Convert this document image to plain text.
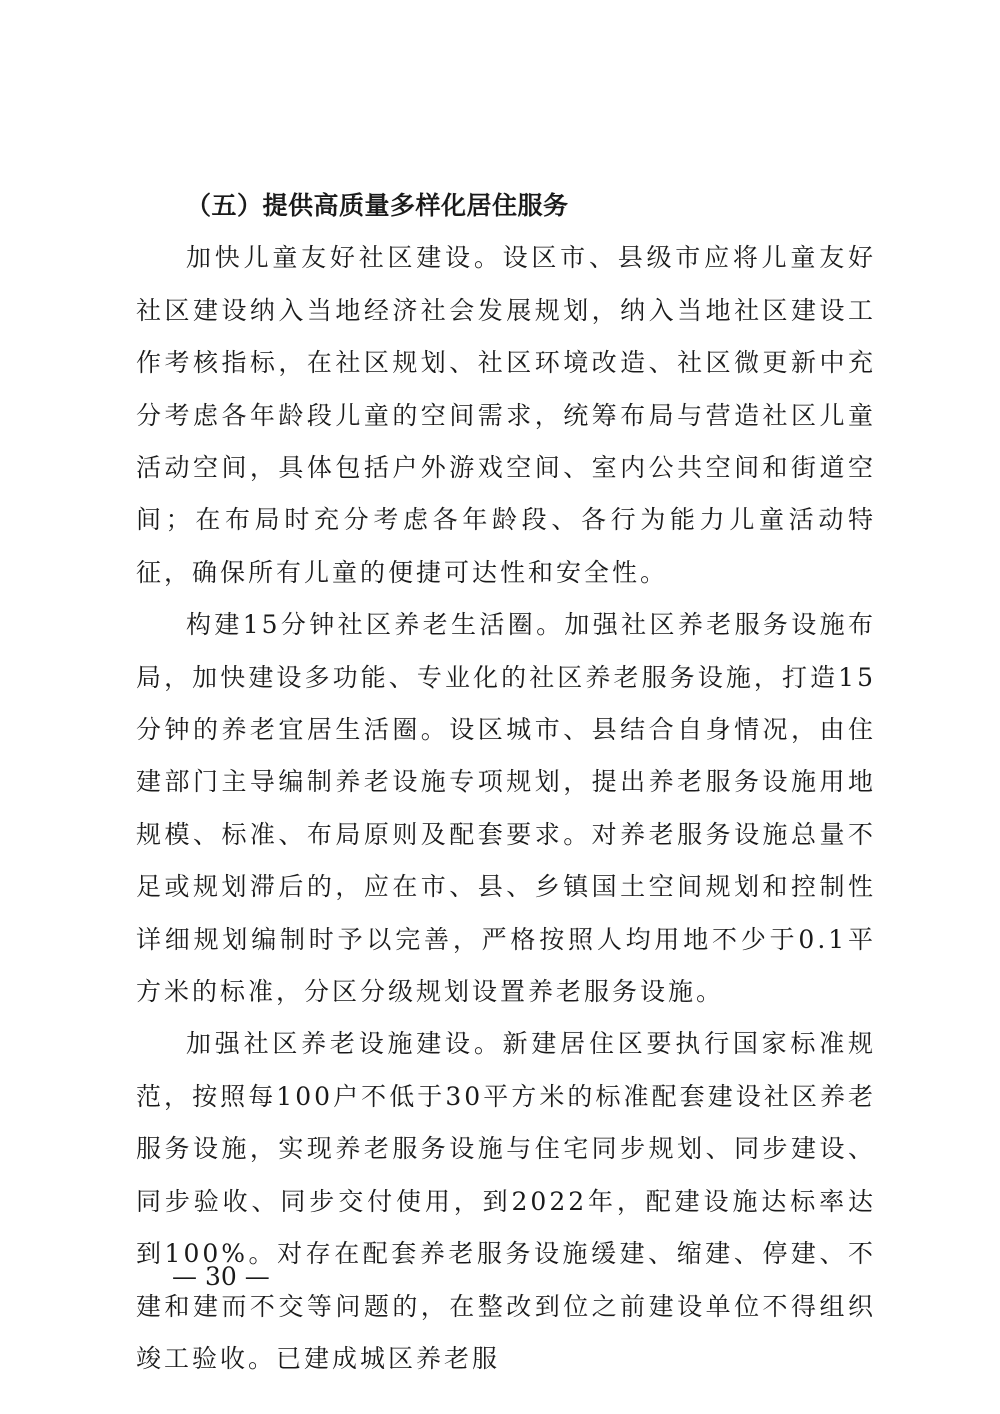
（五）提供高质量多样化居住服务

加快儿童友好社区建设。设区市、县级市应将儿童友好社区建设纳入当地经济社会发展规划，纳入当地社区建设工作考核指标，在社区规划、社区环境改造、社区微更新中充分考虑各年龄段儿童的空间需求，统筹布局与营造社区儿童活动空间，具体包括户外游戏空间、室内公共空间和街道空间；在布局时充分考虑各年龄段、各行为能力儿童活动特征，确保所有儿童的便捷可达性和安全性。

构建15分钟社区养老生活圈。加强社区养老服务设施布局，加快建设多功能、专业化的社区养老服务设施，打造15分钟的养老宜居生活圈。设区城市、县结合自身情况，由住建部门主导编制养老设施专项规划，提出养老服务设施用地规模、标准、布局原则及配套要求。对养老服务设施总量不足或规划滞后的，应在市、县、乡镇国土空间规划和控制性详细规划编制时予以完善，严格按照人均用地不少于0.1平方米的标准，分区分级规划设置养老服务设施。

加强社区养老设施建设。新建居住区要执行国家标准规范，按照每100户不低于30平方米的标准配套建设社区养老服务设施，实现养老服务设施与住宅同步规划、同步建设、同步验收、同步交付使用，到2022年，配建设施达标率达到100%。对存在配套养老服务设施缓建、缩建、停建、不建和建而不交等问题的，在整改到位之前建设单位不得组织竣工验收。已建成城区养老服

— 30 —
